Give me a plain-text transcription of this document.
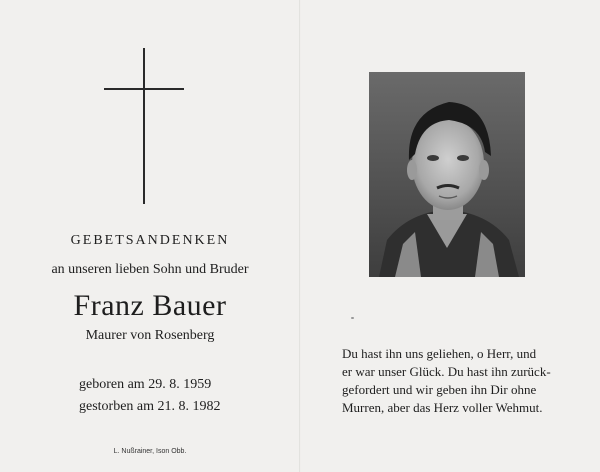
GEBETSANDENKEN
an unseren lieben Sohn und Bruder
Franz Bauer
Maurer von Rosenberg
geboren am 29. 8. 1959
gestorben am 21. 8. 1982
L. Nußrainer, Ison Obb.
Du hast ihn uns geliehen, o Herr, und
er war unser Glück. Du hast ihn zurück-
gefordert und wir geben ihn Dir ohne
Murren, aber das Herz voller Wehmut.
